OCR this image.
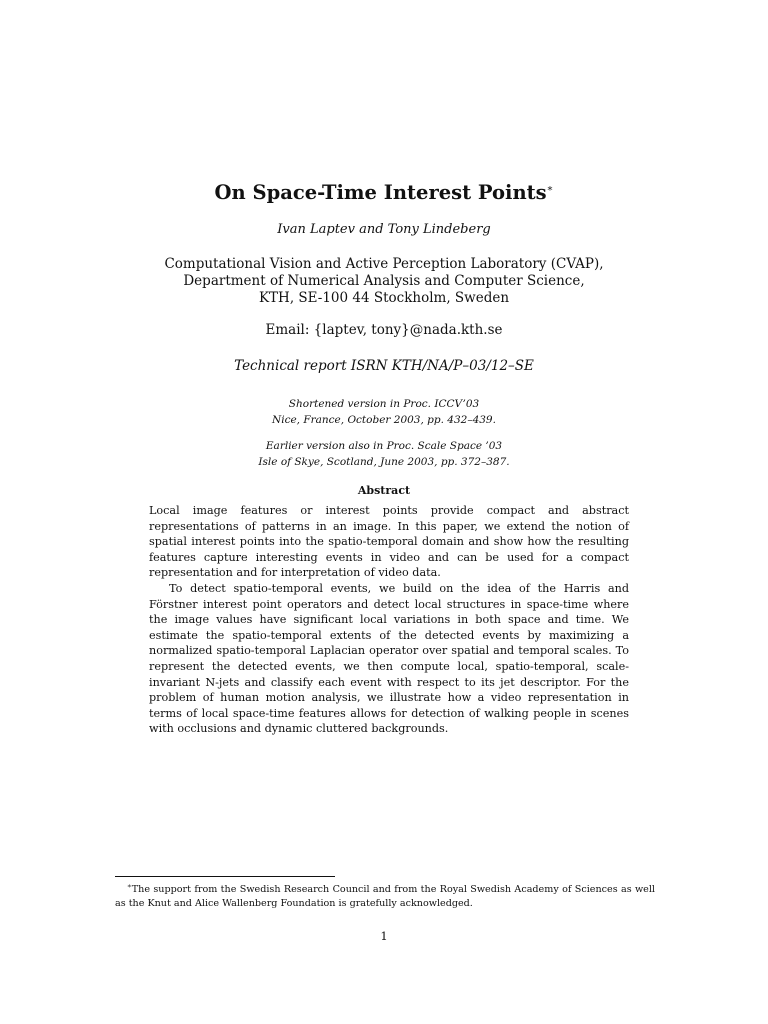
On Space-Time Interest Points∗
Ivan Laptev and Tony Lindeberg
Computational Vision and Active Perception Laboratory (CVAP),
Department of Numerical Analysis and Computer Science,
KTH, SE-100 44 Stockholm, Sweden
Email: {laptev, tony}@nada.kth.se
Technical report ISRN KTH/NA/P–03/12–SE
Shortened version in Proc. ICCV’03
Nice, France, October 2003, pp. 432–439.
Earlier version also in Proc. Scale Space ’03
Isle of Skye, Scotland, June 2003, pp. 372–387.
Abstract

Local image features or interest points provide compact and abstract representations of patterns in an image. In this paper, we extend the notion of spatial interest points into the spatio-temporal domain and show how the resulting features capture interesting events in video and can be used for a compact representation and for interpretation of video data.

To detect spatio-temporal events, we build on the idea of the Harris and Förstner interest point operators and detect local structures in space-time where the image values have significant local variations in both space and time. We estimate the spatio-temporal extents of the detected events by maximizing a normalized spatio-temporal Laplacian operator over spatial and temporal scales. To represent the detected events, we then compute local, spatio-temporal, scale-invariant N-jets and classify each event with respect to its jet descriptor. For the problem of human motion analysis, we illustrate how a video representation in terms of local space-time features allows for detection of walking people in scenes with occlusions and dynamic cluttered backgrounds.

∗The support from the Swedish Research Council and from the Royal Swedish Academy of Sciences as well as the Knut and Alice Wallenberg Foundation is gratefully acknowledged.
1
